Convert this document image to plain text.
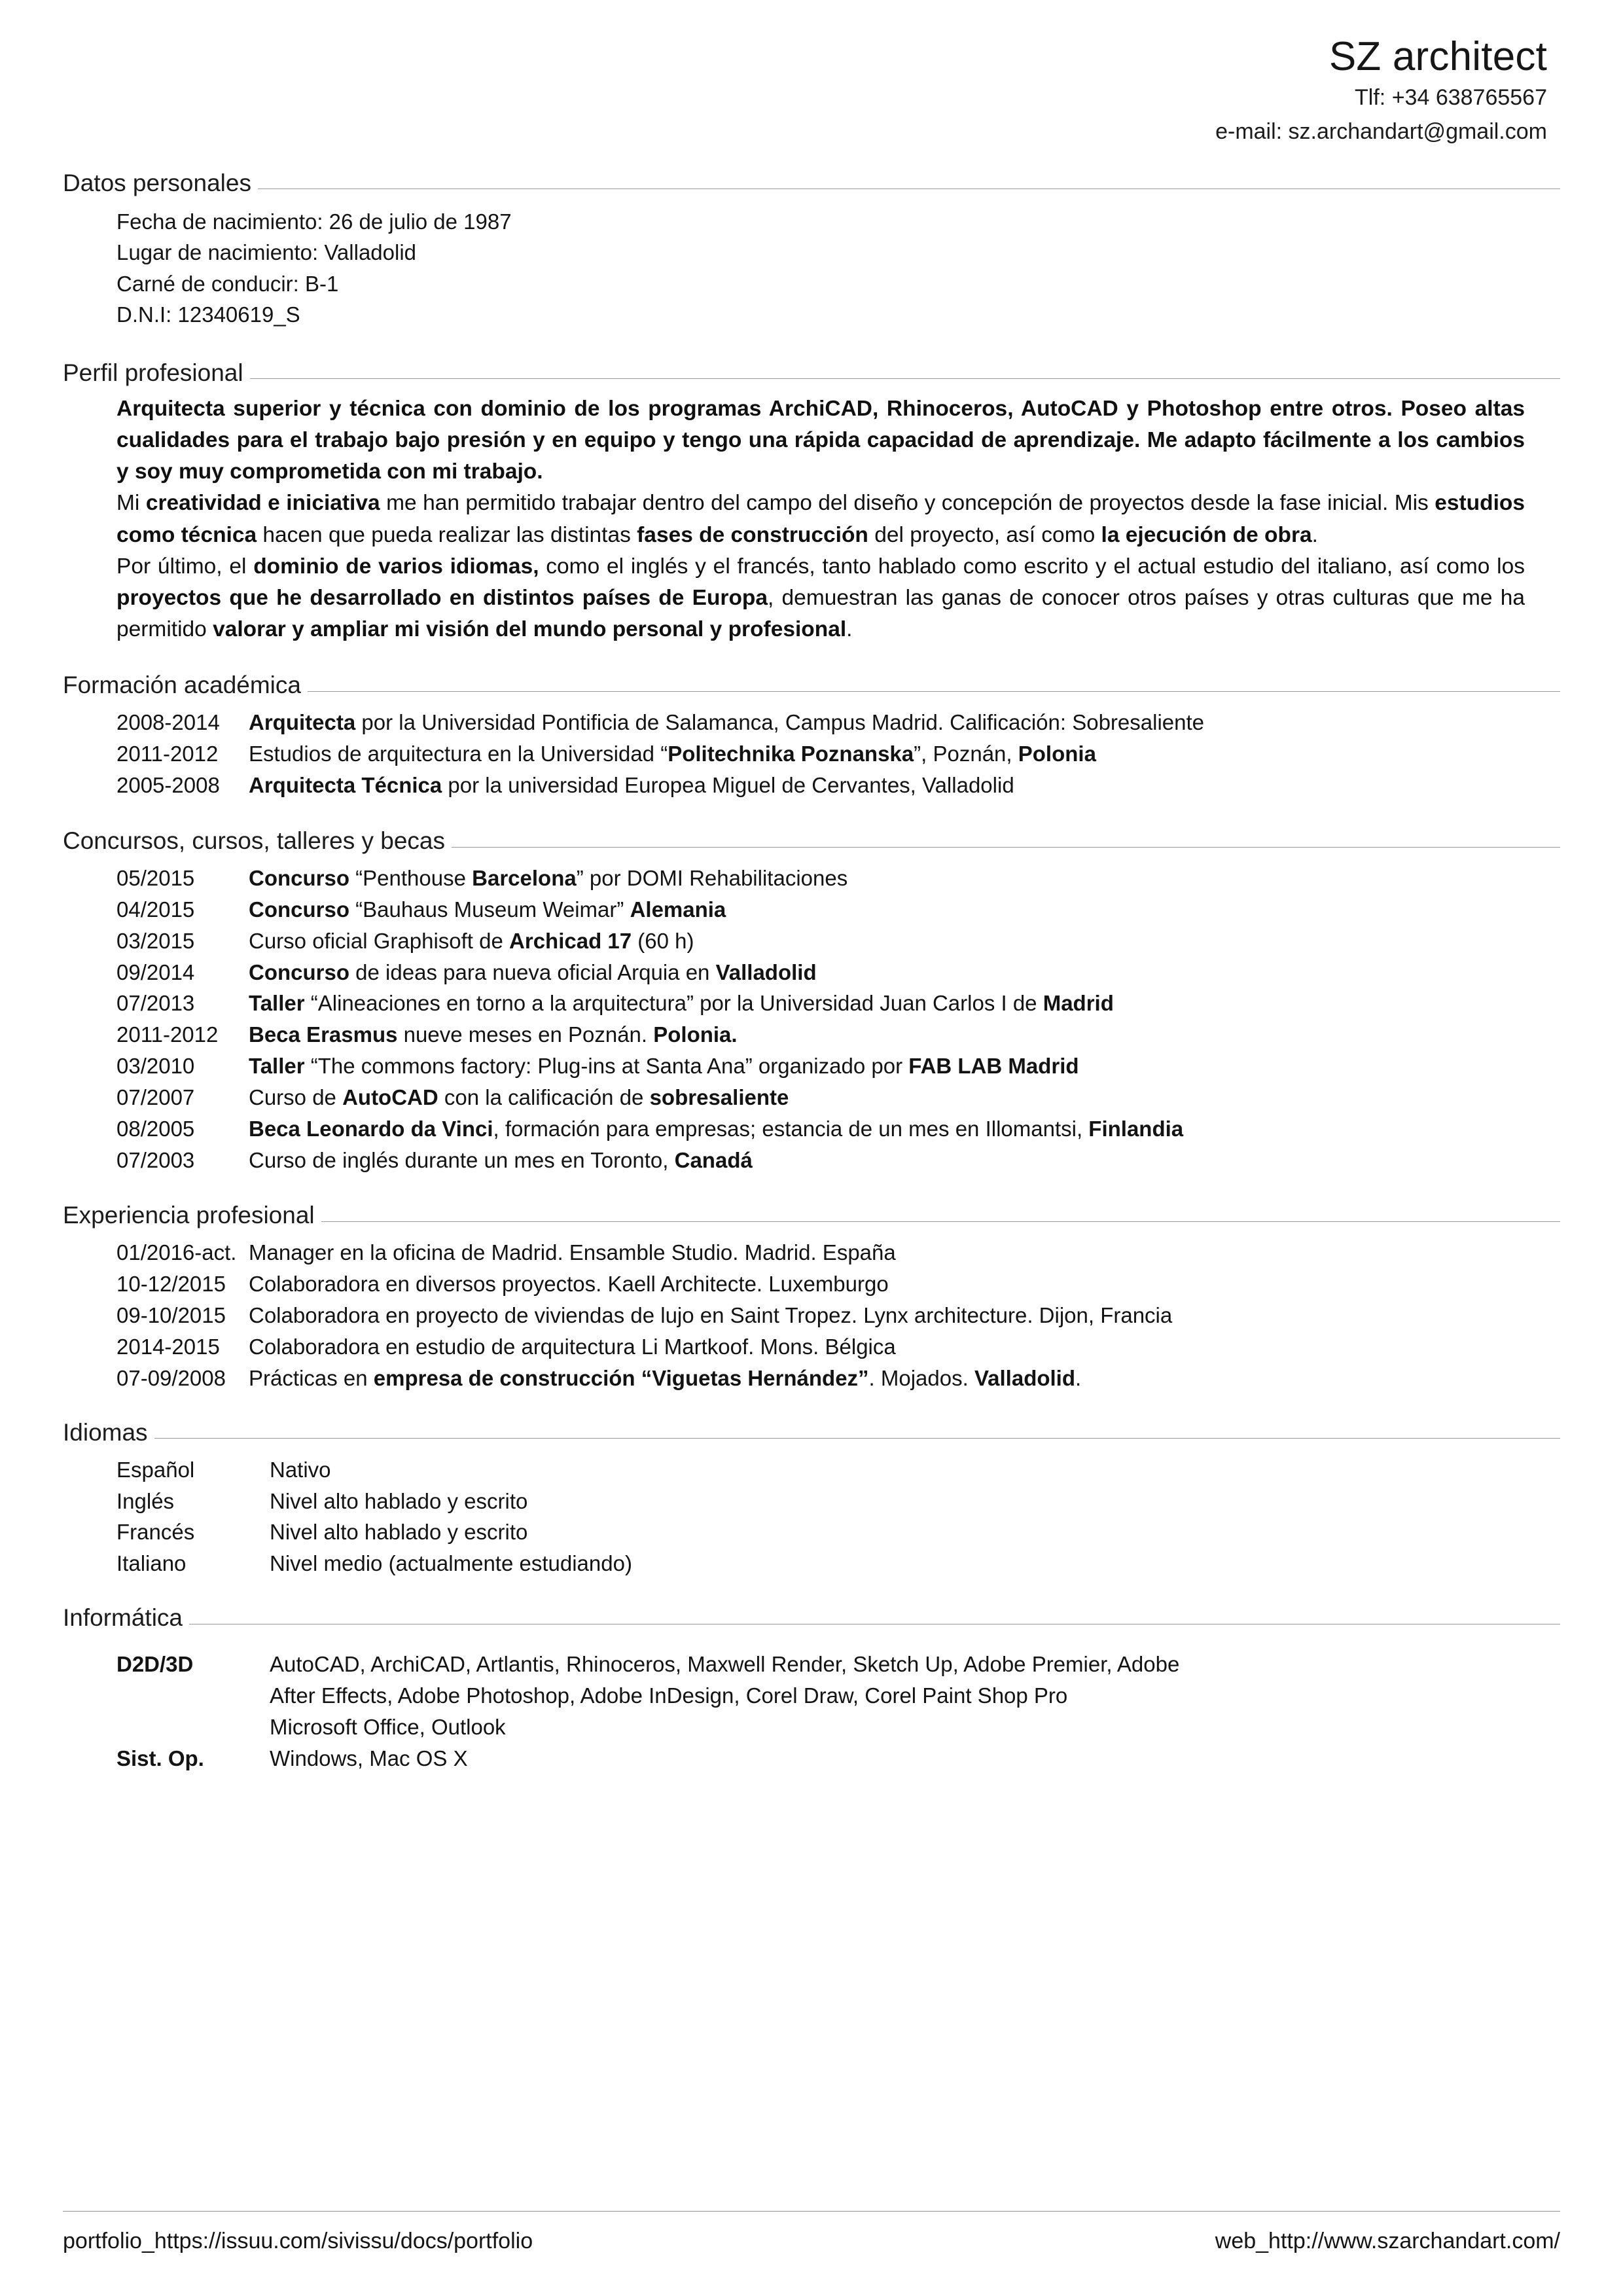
SZ architect
Tlf: +34 638765567
e-mail: sz.archandart@gmail.com
Datos personales
Fecha de nacimiento: 26 de julio de 1987
Lugar de nacimiento: Valladolid
Carné de conducir: B-1
D.N.I: 12340619_S
Perfil profesional

Arquitecta superior y técnica con dominio de los programas ArchiCAD, Rhinoceros, AutoCAD y Photoshop entre otros. Poseo altas cualidades para el trabajo bajo presión y en equipo y tengo una rápida capacidad de aprendizaje. Me adapto fácilmente a los cambios y soy muy comprometida con mi trabajo.

Mi creatividad e iniciativa me han permitido trabajar dentro del campo del diseño y concepción de proyectos desde la fase inicial. Mis estudios como técnica hacen que pueda realizar las distintas fases de construcción del proyecto, así como la ejecución de obra.

Por último, el dominio de varios idiomas, como el inglés y el francés, tanto hablado como escrito y el actual estudio del italiano, así como los proyectos que he desarrollado en distintos países de Europa, demuestran las ganas de conocer otros países y otras culturas que me ha permitido valorar y ampliar mi visión del mundo personal y profesional.

Formación académica
2008-2014	Arquitecta por la Universidad Pontificia de Salamanca, Campus Madrid. Calificación: Sobresaliente
2011-2012	Estudios de arquitectura en la Universidad “Politechnika Poznanska”, Poznán, Polonia
2005-2008	Arquitecta Técnica por la universidad Europea Miguel de Cervantes, Valladolid
Concursos, cursos, talleres y becas
05/2015	Concurso “Penthouse Barcelona” por DOMI Rehabilitaciones
04/2015	Concurso “Bauhaus Museum Weimar” Alemania
03/2015	Curso oficial Graphisoft de Archicad 17 (60 h)
09/2014	Concurso de ideas para nueva oficial Arquia en Valladolid
07/2013	Taller “Alineaciones en torno a la arquitectura” por la Universidad Juan Carlos I de Madrid
2011-2012	Beca Erasmus nueve meses en Poznán. Polonia.
03/2010	Taller “The commons factory: Plug-ins at Santa Ana” organizado por FAB LAB Madrid
07/2007	Curso de AutoCAD con la calificación de sobresaliente
08/2005	Beca Leonardo da Vinci, formación para empresas; estancia de un mes en Illomantsi, Finlandia
07/2003	Curso de inglés durante un mes en Toronto, Canadá
Experiencia profesional
01/2016-act. Manager en la oficina de Madrid. Ensamble Studio. Madrid. España
10-12/2015	Colaboradora en diversos proyectos. Kaell Architecte. Luxemburgo
09-10/2015	Colaboradora en proyecto de viviendas de lujo en Saint Tropez. Lynx architecture. Dijon, Francia
2014-2015	Colaboradora en estudio de arquitectura Li Martkoof. Mons. Bélgica
07-09/2008	Prácticas en empresa de construcción “Viguetas Hernández”. Mojados. Valladolid.
Idiomas
Español	Nativo
Inglés	Nivel alto hablado y escrito
Francés	Nivel alto hablado y escrito
Italiano	Nivel medio (actualmente estudiando)
Informática
D2D/3D	AutoCAD, ArchiCAD, Artlantis, Rhinoceros, Maxwell Render, Sketch Up, Adobe Premier, Adobe
After Effects, Adobe Photoshop, Adobe InDesign, Corel Draw, Corel Paint Shop Pro
Microsoft Office, Outlook
Sist. Op.	Windows, Mac OS X
portfolio_https://issuu.com/sivissu/docs/portfolio	web_http://www.szarchandart.com/
